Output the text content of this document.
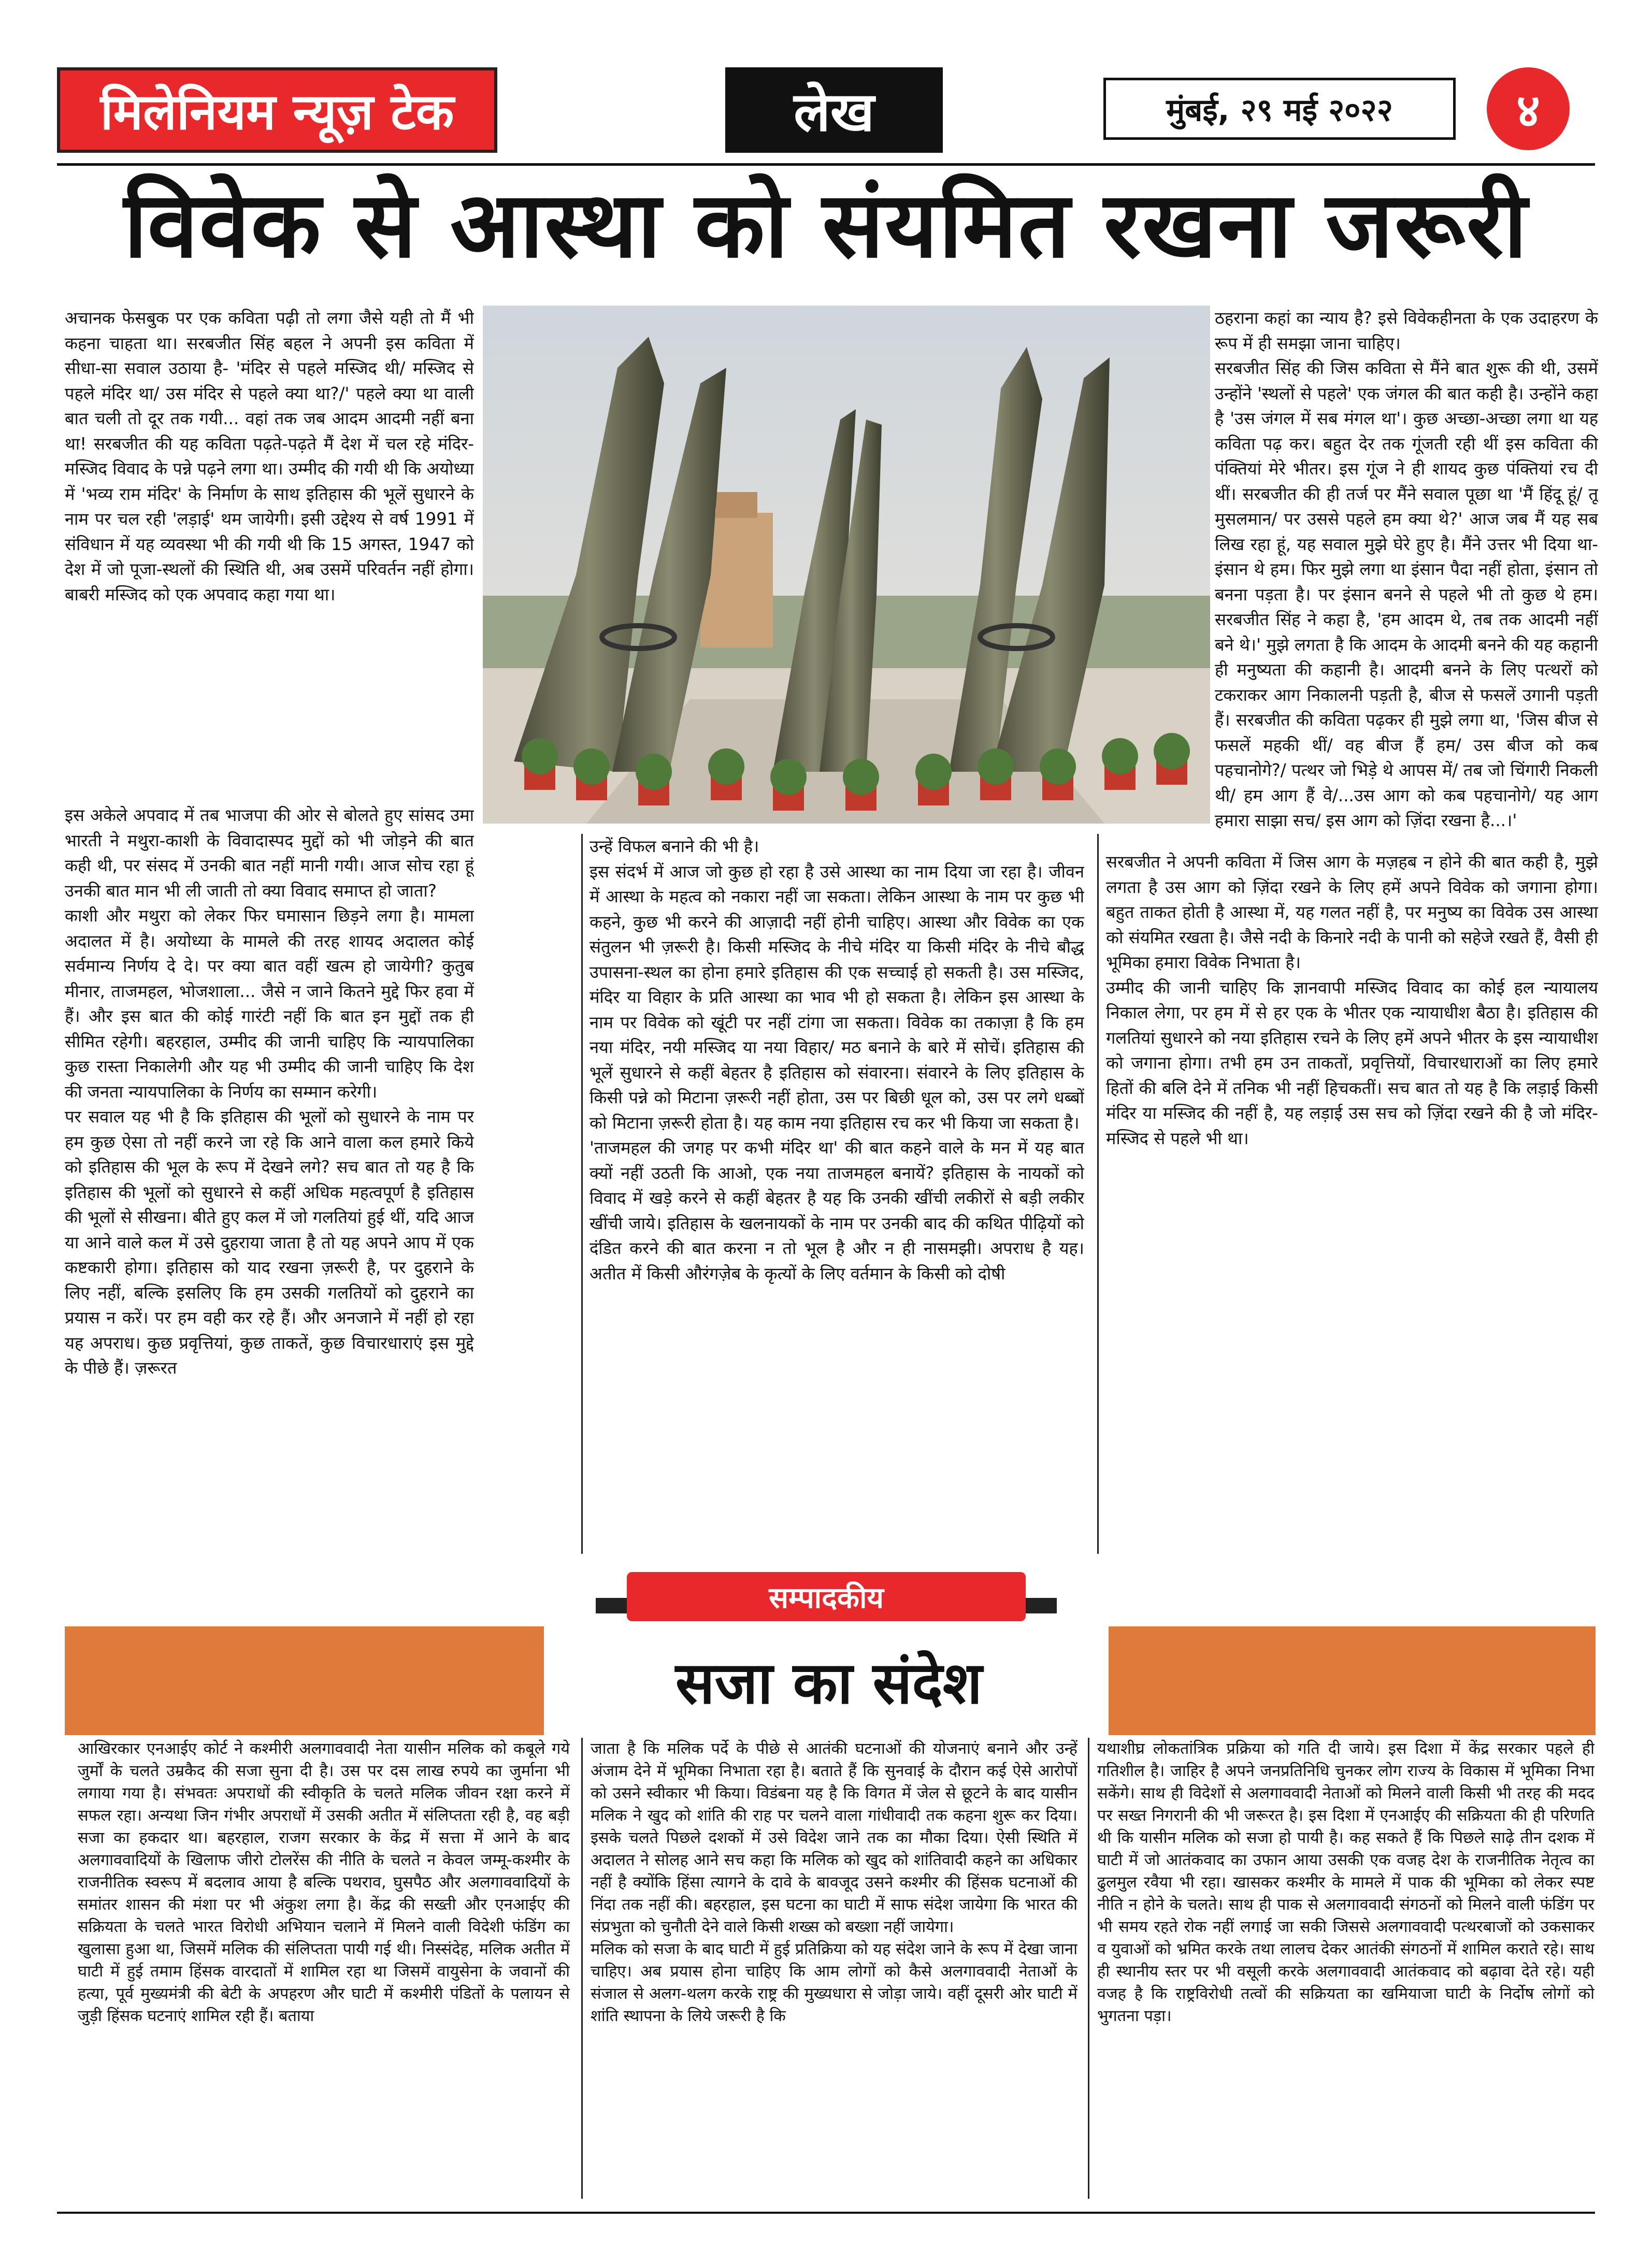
मिलेनियम न्यूज़ टेक	लेख	मुंबई, २९ मई २०२२	४
विवेक से आस्था को संयमित रखना जरूरी

अचानक फेसबुक पर एक कविता पढ़ी तो लगा जैसे यही तो मैं भी कहना चाहता था। सरबजीत सिंह बहल ने अपनी इस कविता में सीधा-सा सवाल उठाया है- 'मंदिर से पहले मस्जिद थी/ मस्जिद से पहले मंदिर था/ उस मंदिर से पहले क्या था?/' पहले क्या था वाली बात चली तो दूर तक गयी... वहां तक जब आदम आदमी नहीं बना था! सरबजीत की यह कविता पढ़ते-पढ़ते मैं देश में चल रहे मंदिर-मस्जिद विवाद के पन्ने पढ़ने लगा था। उम्मीद की गयी थी कि अयोध्या में 'भव्य राम मंदिर' के निर्माण के साथ इतिहास की भूलें सुधारने के नाम पर चल रही 'लड़ाई' थम जायेगी। इसी उद्देश्य से वर्ष 1991 में संविधान में यह व्यवस्था भी की गयी थी कि 15 अगस्त, 1947 को देश में जो पूजा-स्थलों की स्थिति थी, अब उसमें परिवर्तन नहीं होगा। बाबरी मस्जिद को एक अपवाद कहा गया था।

इस अकेले अपवाद में तब भाजपा की ओर से बोलते हुए सांसद उमा भारती ने मथुरा-काशी के विवादास्पद मुद्दों को भी जोड़ने की बात कही थी, पर संसद में उनकी बात नहीं मानी गयी। आज सोच रहा हूं उनकी बात मान भी ली जाती तो क्या विवाद समाप्त हो जाता?

काशी और मथुरा को लेकर फिर घमासान छिड़ने लगा है। मामला अदालत में है। अयोध्या के मामले की तरह शायद अदालत कोई सर्वमान्य निर्णय दे दे। पर क्या बात वहीं खत्म हो जायेगी? कुतुब मीनार, ताजमहल, भोजशाला... जैसे न जाने कितने मुद्दे फिर हवा में हैं। और इस बात की कोई गारंटी नहीं कि बात इन मुद्दों तक ही सीमित रहेगी। बहरहाल, उम्मीद की जानी चाहिए कि न्यायपालिका कुछ रास्ता निकालेगी और यह भी उम्मीद की जानी चाहिए कि देश की जनता न्यायपालिका के निर्णय का सम्मान करेगी।

पर सवाल यह भी है कि इतिहास की भूलों को सुधारने के नाम पर हम कुछ ऐसा तो नहीं करने जा रहे कि आने वाला कल हमारे किये को इतिहास की भूल के रूप में देखने लगे? सच बात तो यह है कि इतिहास की भूलों को सुधारने से कहीं अधिक महत्वपूर्ण है इतिहास की भूलों से सीखना। बीते हुए कल में जो गलतियां हुई थीं, यदि आज या आने वाले कल में उसे दुहराया जाता है तो यह अपने आप में एक कष्टकारी होगा। इतिहास को याद रखना ज़रूरी है, पर दुहराने के लिए नहीं, बल्कि इसलिए कि हम उसकी गलतियों को दुहराने का प्रयास न करें। पर हम वही कर रहे हैं। और अनजाने में नहीं हो रहा यह अपराध। कुछ प्रवृत्तियां, कुछ ताकतें, कुछ विचारधाराएं इस मुद्दे के पीछे हैं। ज़रूरत

उन्हें विफल बनाने की भी है।

इस संदर्भ में आज जो कुछ हो रहा है उसे आस्था का नाम दिया जा रहा है। जीवन में आस्था के महत्व को नकारा नहीं जा सकता। लेकिन आस्था के नाम पर कुछ भी कहने, कुछ भी करने की आज़ादी नहीं होनी चाहिए। आस्था और विवेक का एक संतुलन भी ज़रूरी है। किसी मस्जिद के नीचे मंदिर या किसी मंदिर के नीचे बौद्ध उपासना-स्थल का होना हमारे इतिहास की एक सच्चाई हो सकती है। उस मस्जिद, मंदिर या विहार के प्रति आस्था का भाव भी हो सकता है। लेकिन इस आस्था के नाम पर विवेक को खूंटी पर नहीं टांगा जा सकता। विवेक का तकाज़ा है कि हम नया मंदिर, नयी मस्जिद या नया विहार/ मठ बनाने के बारे में सोचें। इतिहास की भूलें सुधारने से कहीं बेहतर है इतिहास को संवारना। संवारने के लिए इतिहास के किसी पन्ने को मिटाना ज़रूरी नहीं होता, उस पर बिछी धूल को, उस पर लगे धब्बों को मिटाना ज़रूरी होता है। यह काम नया इतिहास रच कर भी किया जा सकता है।

'ताजमहल की जगह पर कभी मंदिर था' की बात कहने वाले के मन में यह बात क्यों नहीं उठती कि आओ, एक नया ताजमहल बनायें? इतिहास के नायकों को विवाद में खड़े करने से कहीं बेहतर है यह कि उनकी खींची लकीरों से बड़ी लकीर खींची जाये। इतिहास के खलनायकों के नाम पर उनकी बाद की कथित पीढ़ियों को दंडित करने की बात करना न तो भूल है और न ही नासमझी। अपराध है यह। अतीत में किसी औरंगज़ेब के कृत्यों के लिए वर्तमान के किसी को दोषी

ठहराना कहां का न्याय है? इसे विवेकहीनता के एक उदाहरण के रूप में ही समझा जाना चाहिए।

सरबजीत सिंह की जिस कविता से मैंने बात शुरू की थी, उसमें उन्होंने 'स्थलों से पहले' एक जंगल की बात कही है। उन्होंने कहा है 'उस जंगल में सब मंगल था'। कुछ अच्छा-अच्छा लगा था यह कविता पढ़ कर। बहुत देर तक गूंजती रही थीं इस कविता की पंक्तियां मेरे भीतर। इस गूंज ने ही शायद कुछ पंक्तियां रच दी थीं। सरबजीत की ही तर्ज पर मैंने सवाल पूछा था 'मैं हिंदू हूं/ तू मुसलमान/ पर उससे पहले हम क्या थे?' आज जब मैं यह सब लिख रहा हूं, यह सवाल मुझे घेरे हुए है। मैंने उत्तर भी दिया था- इंसान थे हम। फिर मुझे लगा था इंसान पैदा नहीं होता, इंसान तो बनना पड़ता है। पर इंसान बनने से पहले भी तो कुछ थे हम। सरबजीत सिंह ने कहा है, 'हम आदम थे, तब तक आदमी नहीं बने थे।' मुझे लगता है कि आदम के आदमी बनने की यह कहानी ही मनुष्यता की कहानी है। आदमी बनने के लिए पत्थरों को टकराकर आग निकालनी पड़ती है, बीज से फसलें उगानी पड़ती हैं। सरबजीत की कविता पढ़कर ही मुझे लगा था, 'जिस बीज से फसलें महकी थीं/ वह बीज हैं हम/ उस बीज को कब पहचानोगे?/ पत्थर जो भिड़े थे आपस में/ तब जो चिंगारी निकली थी/ हम आग हैं वे/...उस आग को कब पहचानोगे/ यह आग हमारा साझा सच/ इस आग को ज़िंदा रखना है...।'

सरबजीत ने अपनी कविता में जिस आग के मज़हब न होने की बात कही है, मुझे लगता है उस आग को ज़िंदा रखने के लिए हमें अपने विवेक को जगाना होगा। बहुत ताकत होती है आस्था में, यह गलत नहीं है, पर मनुष्य का विवेक उस आस्था को संयमित रखता है। जैसे नदी के किनारे नदी के पानी को सहेजे रखते हैं, वैसी ही भूमिका हमारा विवेक निभाता है।

उम्मीद की जानी चाहिए कि ज्ञानवापी मस्जिद विवाद का कोई हल न्यायालय निकाल लेगा, पर हम में से हर एक के भीतर एक न्यायाधीश बैठा है। इतिहास की गलतियां सुधारने को नया इतिहास रचने के लिए हमें अपने भीतर के इस न्यायाधीश को जगाना होगा। तभी हम उन ताकतों, प्रवृत्तियों, विचारधाराओं का लिए हमारे हितों की बलि देने में तनिक भी नहीं हिचकतीं। सच बात तो यह है कि लड़ाई किसी मंदिर या मस्जिद की नहीं है, यह लड़ाई उस सच को ज़िंदा रखने की है जो मंदिर-मस्जिद से पहले भी था।

सम्पादकीय
सजा का संदेश

आखिरकार एनआईए कोर्ट ने कश्मीरी अलगाववादी नेता यासीन मलिक को कबूले गये जुर्मों के चलते उम्रकैद की सजा सुना दी है। उस पर दस लाख रुपये का जुर्माना भी लगाया गया है। संभवतः अपराधों की स्वीकृति के चलते मलिक जीवन रक्षा करने में सफल रहा। अन्यथा जिन गंभीर अपराधों में उसकी अतीत में संलिप्तता रही है, वह बड़ी सजा का हकदार था। बहरहाल, राजग सरकार के केंद्र में सत्ता में आने के बाद अलगाववादियों के खिलाफ जीरो टोलरेंस की नीति के चलते न केवल जम्मू-कश्मीर के राजनीतिक स्वरूप में बदलाव आया है बल्कि पथराव, घुसपैठ और अलगाववादियों के समांतर शासन की मंशा पर भी अंकुश लगा है। केंद्र की सख्ती और एनआईए की सक्रियता के चलते भारत विरोधी अभियान चलाने में मिलने वाली विदेशी फंडिंग का खुलासा हुआ था, जिसमें मलिक की संलिप्तता पायी गई थी। निस्संदेह, मलिक अतीत में घाटी में हुई तमाम हिंसक वारदातों में शामिल रहा था जिसमें वायुसेना के जवानों की हत्या, पूर्व मुख्यमंत्री की बेटी के अपहरण और घाटी में कश्मीरी पंडितों के पलायन से जुड़ी हिंसक घटनाएं शामिल रही हैं। बताया

जाता है कि मलिक पर्दे के पीछे से आतंकी घटनाओं की योजनाएं बनाने और उन्हें अंजाम देने में भूमिका निभाता रहा है। बताते हैं कि सुनवाई के दौरान कई ऐसे आरोपों को उसने स्वीकार भी किया। विडंबना यह है कि विगत में जेल से छूटने के बाद यासीन मलिक ने खुद को शांति की राह पर चलने वाला गांधीवादी तक कहना शुरू कर दिया। इसके चलते पिछले दशकों में उसे विदेश जाने तक का मौका दिया। ऐसी स्थिति में अदालत ने सोलह आने सच कहा कि मलिक को खुद को शांतिवादी कहने का अधिकार नहीं है क्योंकि हिंसा त्यागने के दावे के बावजूद उसने कश्मीर की हिंसक घटनाओं की निंदा तक नहीं की। बहरहाल, इस घटना का घाटी में साफ संदेश जायेगा कि भारत की संप्रभुता को चुनौती देने वाले किसी शख्स को बख्शा नहीं जायेगा।

मलिक को सजा के बाद घाटी में हुई प्रतिक्रिया को यह संदेश जाने के रूप में देखा जाना चाहिए। अब प्रयास होना चाहिए कि आम लोगों को कैसे अलगाववादी नेताओं के संजाल से अलग-थलग करके राष्ट्र की मुख्यधारा से जोड़ा जाये। वहीं दूसरी ओर घाटी में शांति स्थापना के लिये जरूरी है कि

यथाशीघ्र लोकतांत्रिक प्रक्रिया को गति दी जाये। इस दिशा में केंद्र सरकार पहले ही गतिशील है। जाहिर है अपने जनप्रतिनिधि चुनकर लोग राज्य के विकास में भूमिका निभा सकेंगे। साथ ही विदेशों से अलगाववादी नेताओं को मिलने वाली किसी भी तरह की मदद पर सख्त निगरानी की भी जरूरत है। इस दिशा में एनआईए की सक्रियता की ही परिणति थी कि यासीन मलिक को सजा हो पायी है। कह सकते हैं कि पिछले साढ़े तीन दशक में घाटी में जो आतंकवाद का उफान आया उसकी एक वजह देश के राजनीतिक नेतृत्व का ढुलमुल रवैया भी रहा। खासकर कश्मीर के मामले में पाक की भूमिका को लेकर स्पष्ट नीति न होने के चलते। साथ ही पाक से अलगाववादी संगठनों को मिलने वाली फंडिंग पर भी समय रहते रोक नहीं लगाई जा सकी जिससे अलगाववादी पत्थरबाजों को उकसाकर व युवाओं को भ्रमित करके तथा लालच देकर आतंकी संगठनों में शामिल कराते रहे। साथ ही स्थानीय स्तर पर भी वसूली करके अलगाववादी आतंकवाद को बढ़ावा देते रहे। यही वजह है कि राष्ट्रविरोधी तत्वों की सक्रियता का खमियाजा घाटी के निर्दोष लोगों को भुगतना पड़ा।
